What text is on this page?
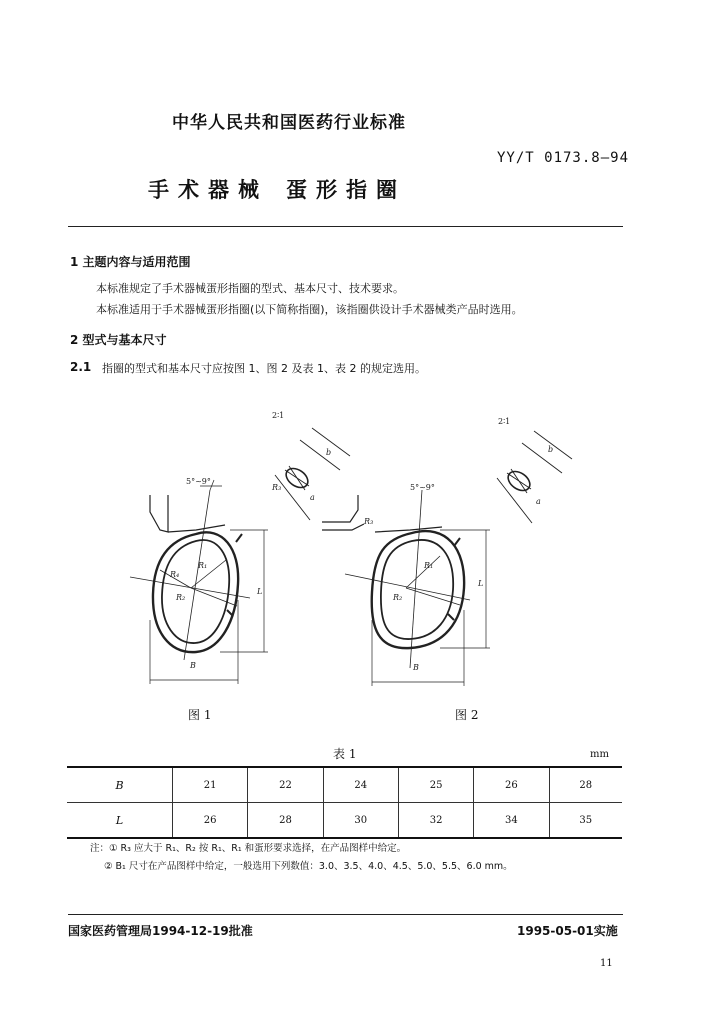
中华人民共和国医药行业标准
YY/T 0173.8—94
手术器械 蛋形指圈
1 主题内容与适用范围
本标准规定了手术器械蛋形指圈的型式、基本尺寸、技术要求。
本标准适用于手术器械蛋形指圈(以下简称指圈)，该指圈供设计手术器械类产品时选用。
2 型式与基本尺寸
2.1 指圈的型式和基本尺寸应按图 1、图 2 及表 1、表 2 的规定选用。
5°~9°
2∶1
L
B
R₁
R₂
R₄
R₃
b
a
5°~9°
2∶1
L
B
R₁
R₂
R₃
b
a
图 1	图 2
表 1	mm
B	21	22	24	25	26	28
L	26	28	30	32	34	35
注：① R₃ 应大于 R₁、R₂ 按 R₁、R₁ 和蛋形要求选择，在产品图样中给定。
② B₁ 尺寸在产品图样中给定，一般选用下列数值：3.0、3.5、4.0、4.5、5.0、5.5、6.0 mm。
国家医药管理局1994-12-19批准	1995-05-01实施
11
